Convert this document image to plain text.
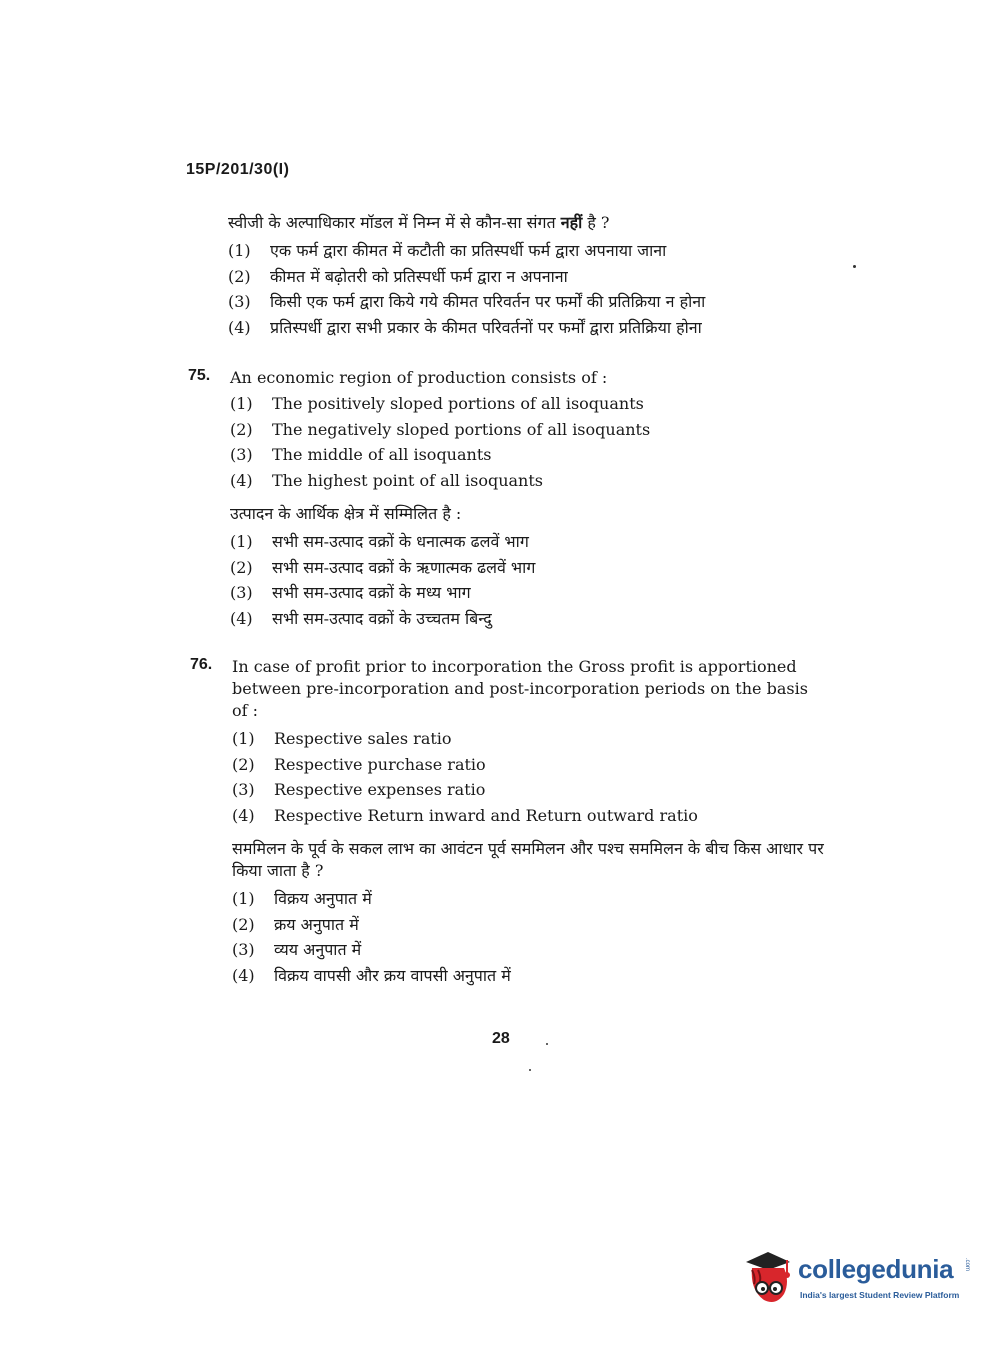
15P/201/30(I)
स्वीजी के अल्पाधिकार मॉडल में निम्न में से कौन-सा संगत नहीं है ?
(1)	एक फर्म द्वारा कीमत में कटौती का प्रतिस्पर्धी फर्म द्वारा अपनाया जाना
(2)	कीमत में बढ़ोतरी को प्रतिस्पर्धी फर्म द्वारा न अपनाना
(3)	किसी एक फर्म द्वारा किये गये कीमत परिवर्तन पर फर्मों की प्रतिक्रिया न होना
(4)	प्रतिस्पर्धी द्वारा सभी प्रकार के कीमत परिवर्तनों पर फर्मों द्वारा प्रतिक्रिया होना
75.	An economic region of production consists of :
(1)	The positively sloped portions of all isoquants
(2)	The negatively sloped portions of all isoquants
(3)	The middle of all isoquants
(4)	The highest point of all isoquants
उत्पादन के आर्थिक क्षेत्र में सम्मिलित है :
(1)	सभी सम-उत्पाद वक्रों के धनात्मक ढलवें भाग
(2)	सभी सम-उत्पाद वक्रों के ऋणात्मक ढलवें भाग
(3)	सभी सम-उत्पाद वक्रों के मध्य भाग
(4)	सभी सम-उत्पाद वक्रों के उच्चतम बिन्दु
76.	In case of profit prior to incorporation the Gross profit is apportioned between pre-incorporation and post-incorporation periods on the basis of :
(1)	Respective sales ratio
(2)	Respective purchase ratio
(3)	Respective expenses ratio
(4)	Respective Return inward and Return outward ratio
सममिलन के पूर्व के सकल लाभ का आवंटन पूर्व सममिलन और पश्च सममिलन के बीच किस आधार पर किया जाता है ?
(1)	विक्रय अनुपात में
(2)	क्रय अनुपात में
(3)	व्यय अनुपात में
(4)	विक्रय वापसी और क्रय वापसी अनुपात में
28
collegedunia .com
India's largest Student Review Platform
